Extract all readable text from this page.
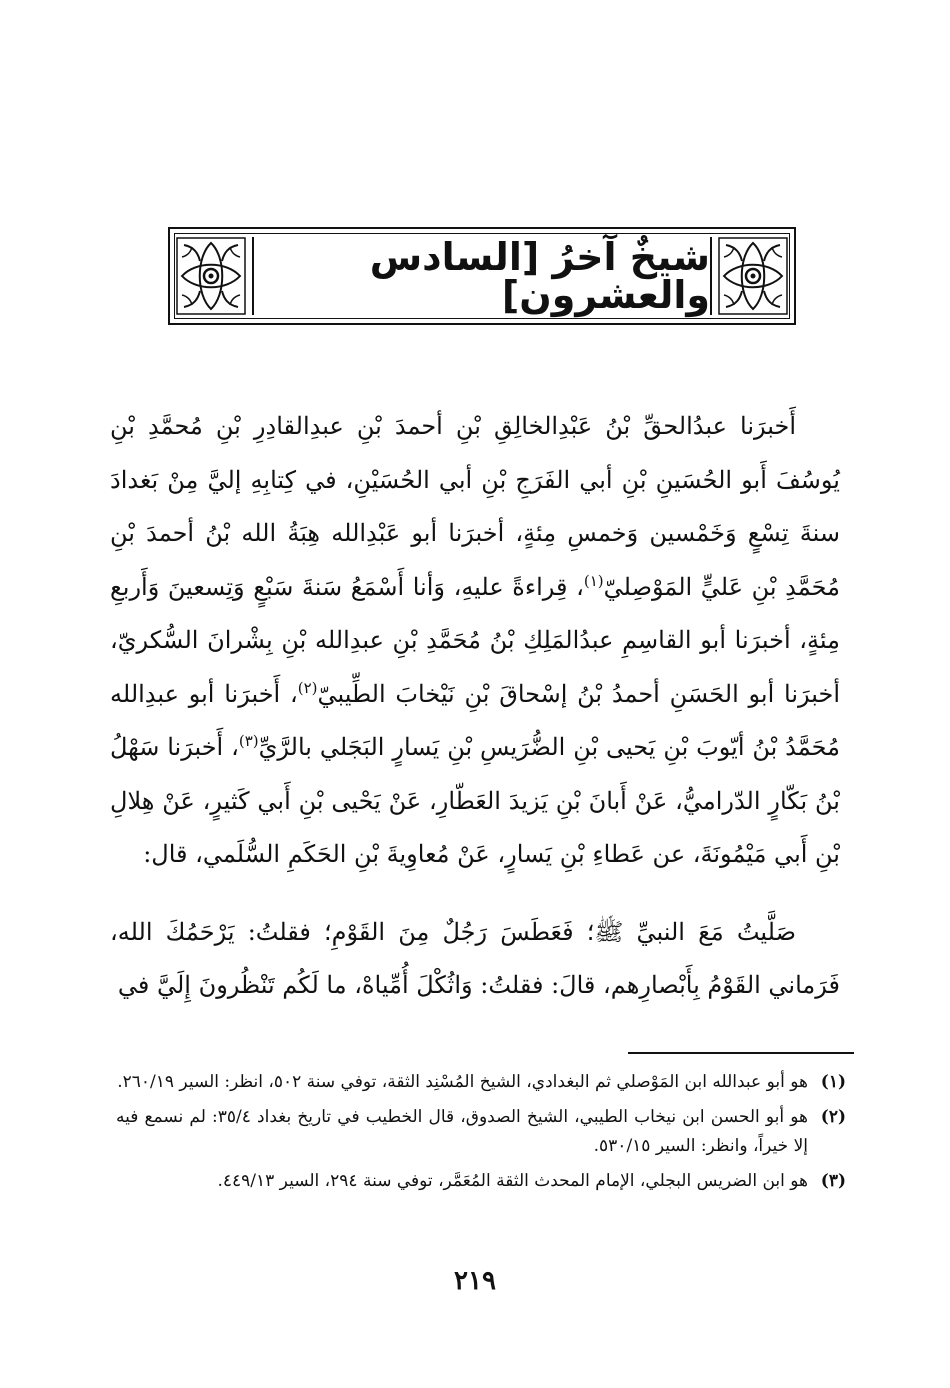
شيخٌ آخرُ [السادس والعشرون]

أَخبرَنا عبدُالحقِّ بْنُ عَبْدِالخالِقِ بْنِ أحمدَ بْنِ عبدِالقادِرِ بْنِ مُحمَّدِ بْنِ يُوسُفَ أَبو الحُسَينِ بْنِ أبي الفَرَجِ بْنِ أبي الحُسَيْنِ، في كِتابِهِ إليَّ مِنْ بَغدادَ سنةَ تِسْعٍ وَخَمْسين وَخمسِ مِئةٍ، أخبرَنا أبو عَبْدِالله هِبَةُ الله بْنُ أحمدَ بْنِ مُحَمَّدِ بْنِ عَليٍّ المَوْصِليّ$^{(١)}$، قِراءةً عليهِ، وَأنا أَسْمَعُ سَنةَ سَبْعٍ وَتِسعينَ وَأَربعِ مِئةٍ، أخبرَنا أبو القاسِمِ عبدُالمَلِكِ بْنُ مُحَمَّدِ بْنِ عبدِالله بْنِ بِشْرانَ السُّكريّ، أخبرَنا أبو الحَسَنِ أحمدُ بْنُ إسْحاقَ بْنِ نَيْخابَ الطِّيبيّ$^{(٢)}$، أَخبرَنا أبو عبدِالله مُحَمَّدُ بْنُ أيّوبَ بْنِ يَحيى بْنِ الضُّرَيسِ بْنِ يَسارٍ البَجَلي بالرَّيِّ$^{(٣)}$، أَخبرَنا سَهْلُ بْنُ بَكّارٍ الدّراميُّ، عَنْ أَبانَ بْنِ يَزيدَ العَطّارِ، عَنْ يَحْيى بْنِ أَبي كَثيرٍ، عَنْ هِلالِ بْنِ أَبي مَيْمُونَةَ، عن عَطاءِ بْنِ يَسارٍ، عَنْ مُعاوِيةَ بْنِ الحَكَمِ السُّلَمي، قال:

صَلَّيتُ مَعَ النبيِّ ﷺ؛ فَعَطَسَ رَجُلٌ مِنَ القَوْمِ؛ فقلتُ: يَرْحَمُكَ الله، فَرَماني القَوْمُ بِأَبْصارِهم، قالَ: فقلتُ: وَاثُكْلَ أُمِّياهْ، ما لَكُم تَنْظُرونَ إِلَيَّ في

(١)
هو أبو عبدالله ابن المَوْصلي ثم البغدادي، الشيخ المُسْنِد الثقة، توفي سنة ٥٠٢، انظر: السير ٢٦٠/١٩.
(٢)
هو أبو الحسن ابن نيخاب الطيبي، الشيخ الصدوق، قال الخطيب في تاريخ بغداد ٣٥/٤: لم نسمع فيه إلا خيراً، وانظر: السير ٥٣٠/١٥.
(٣)
هو ابن الضريس البجلي، الإمام المحدث الثقة المُعَمَّر، توفي سنة ٢٩٤، السير ٤٤٩/١٣.
٢١٩
